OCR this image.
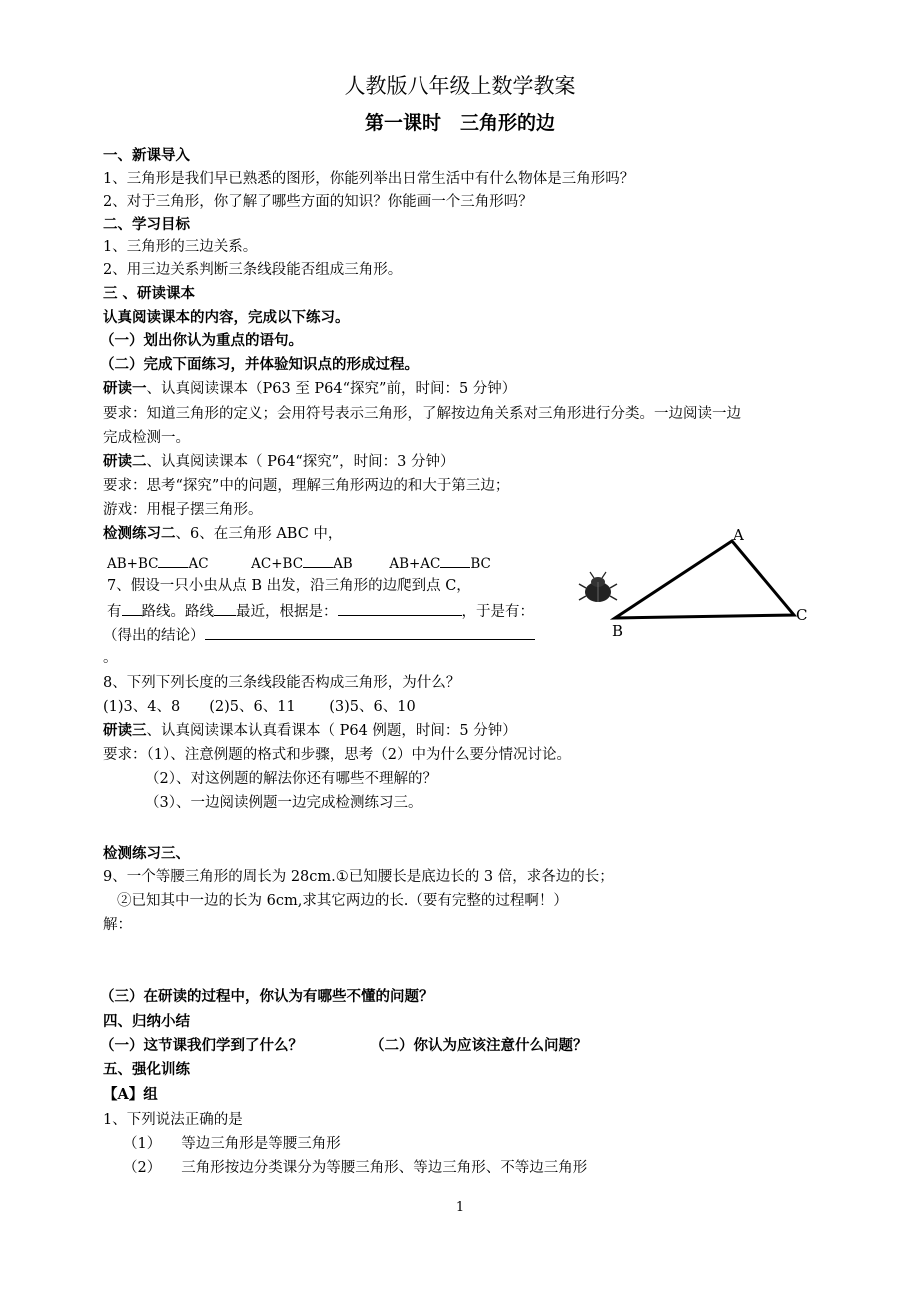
人教版八年级上数学教案
第一课时　三角形的边
一、新课导入
1、三角形是我们早已熟悉的图形，你能列举出日常生活中有什么物体是三角形吗？
2、对于三角形，你了解了哪些方面的知识？你能画一个三角形吗？
二、学习目标
1、三角形的三边关系。
2、用三边关系判断三条线段能否组成三角形。
三 、研读课本
认真阅读课本的内容，完成以下练习。
（一）划出你认为重点的语句。
（二）完成下面练习，并体验知识点的形成过程。
研读一、认真阅读课本（P63 至 P64“探究”前，时间：5 分钟）
要求：知道三角形的定义；会用符号表示三角形，了解按边角关系对三角形进行分类。一边阅读一边
完成检测一。
研读二、认真阅读课本（ P64“探究”，时间：3 分钟）
要求：思考“探究”中的问题，理解三角形两边的和大于第三边；
游戏：用棍子摆三角形。
检测练习二、6、在三角形 ABC 中，
AB+BC AC	AC+BC AB	AB+AC BC
7、假设一只小虫从点 B 出发，沿三角形的边爬到点 C，
有 路线。路线 最近，根据是：	，于是有：
（得出的结论）
。
A
B
C
8、下列下列长度的三条线段能否构成三角形，为什么？
(1)3、4、8　　(2)5、6、11　　 (3)5、6、10
研读三、认真阅读课本认真看课本（ P64 例题，时间：5 分钟）
要求：（1）、注意例题的格式和步骤，思考（2）中为什么要分情况讨论。
（2）、对这例题的解法你还有哪些不理解的？
（3）、一边阅读例题一边完成检测练习三。
检测练习三、
9、一个等腰三角形的周长为 28cm.①已知腰长是底边长的 3 倍，求各边的长；
②已知其中一边的长为 6cm,求其它两边的长.（要有完整的过程啊！）
解：
（三）在研读的过程中，你认为有哪些不懂的问题？
四、归纳小结
（一）这节课我们学到了什么？	（二）你认为应该注意什么问题？
五、强化训练
【A】组
1、下列说法正确的是
（1） 等边三角形是等腰三角形
（2） 三角形按边分类课分为等腰三角形、等边三角形、不等边三角形
1
